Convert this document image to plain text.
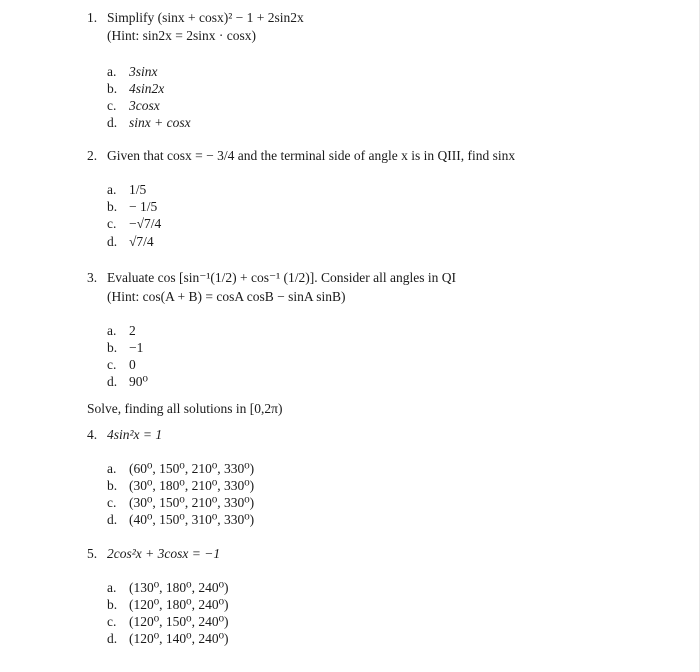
1. Simplify (sinx + cosx)² − 1 + 2sin2x
(Hint: sin2x = 2sinx · cosx)
a. 3sinx
b. 4sin2x
c. 3cosx
d. sinx + cosx
2. Given that cosx = − 3/4 and the terminal side of angle x is in QIII, find sinx
a. 1/5
b. − 1/5
c. −√7/4
d. √7/4
3. Evaluate cos [sin⁻¹(1/2) + cos⁻¹ (1/2)]. Consider all angles in QI
(Hint: cos(A + B) = cosA cosB − sinA sinB)
a. 2
b. −1
c. 0
d. 90⁰
Solve, finding all solutions in [0,2π)
4. 4sin²x = 1
a. (60⁰, 150⁰, 210⁰, 330⁰)
b. (30⁰, 180⁰, 210⁰, 330⁰)
c. (30⁰, 150⁰, 210⁰, 330⁰)
d. (40⁰, 150⁰, 310⁰, 330⁰)
5. 2cos²x + 3cosx = −1
a. (130⁰, 180⁰, 240⁰)
b. (120⁰, 180⁰, 240⁰)
c. (120⁰, 150⁰, 240⁰)
d. (120⁰, 140⁰, 240⁰)
